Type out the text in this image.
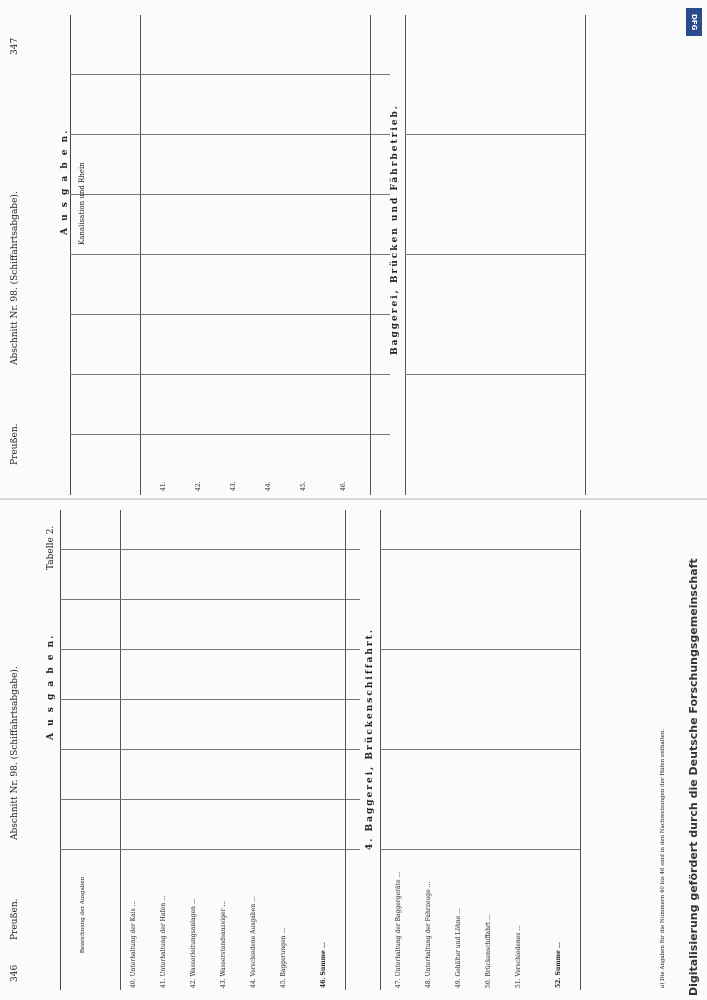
346
Preußen.
Abschnitt Nr. 98. (Schiffahrtsabgabe).
Tabelle 2.
A u s g a b e n.
Bezeichnung der Ausgaben
40. Unterhaltung der Kais ...
41. Unterhaltung der Hafen ...
42. Wasserleitungsanlagen ...
43. Wasserstandsanzeiger ...
44. Verschiedene Ausgaben ...
45. Baggerungen ...
46. Summe ...
4. Baggerei, Brückenschiffahrt.
47. Unterhaltung der Baggergeräte ...
48. Unterhaltung der Fahrzeuge ...
49. Gehälter und Löhne ...
50. Brückenschiffahrt ...
51. Verschiedenes ...
52. Summe ...	a) Die Angaben für die Nummern 40 bis 46 sind in den Nachweisungen der Häfen enthalten.
Preußen.
Abschnitt Nr. 98. (Schiffahrtsabgabe).
347
A u s g a b e n. Kanalisation und Rhein
41.	42.	43.	44.	45.	46.
Baggerei, Brücken und Fährbetrieb.
Digitalisierung gefördert durch die Deutsche Forschungsgemeinschaft
DFG
